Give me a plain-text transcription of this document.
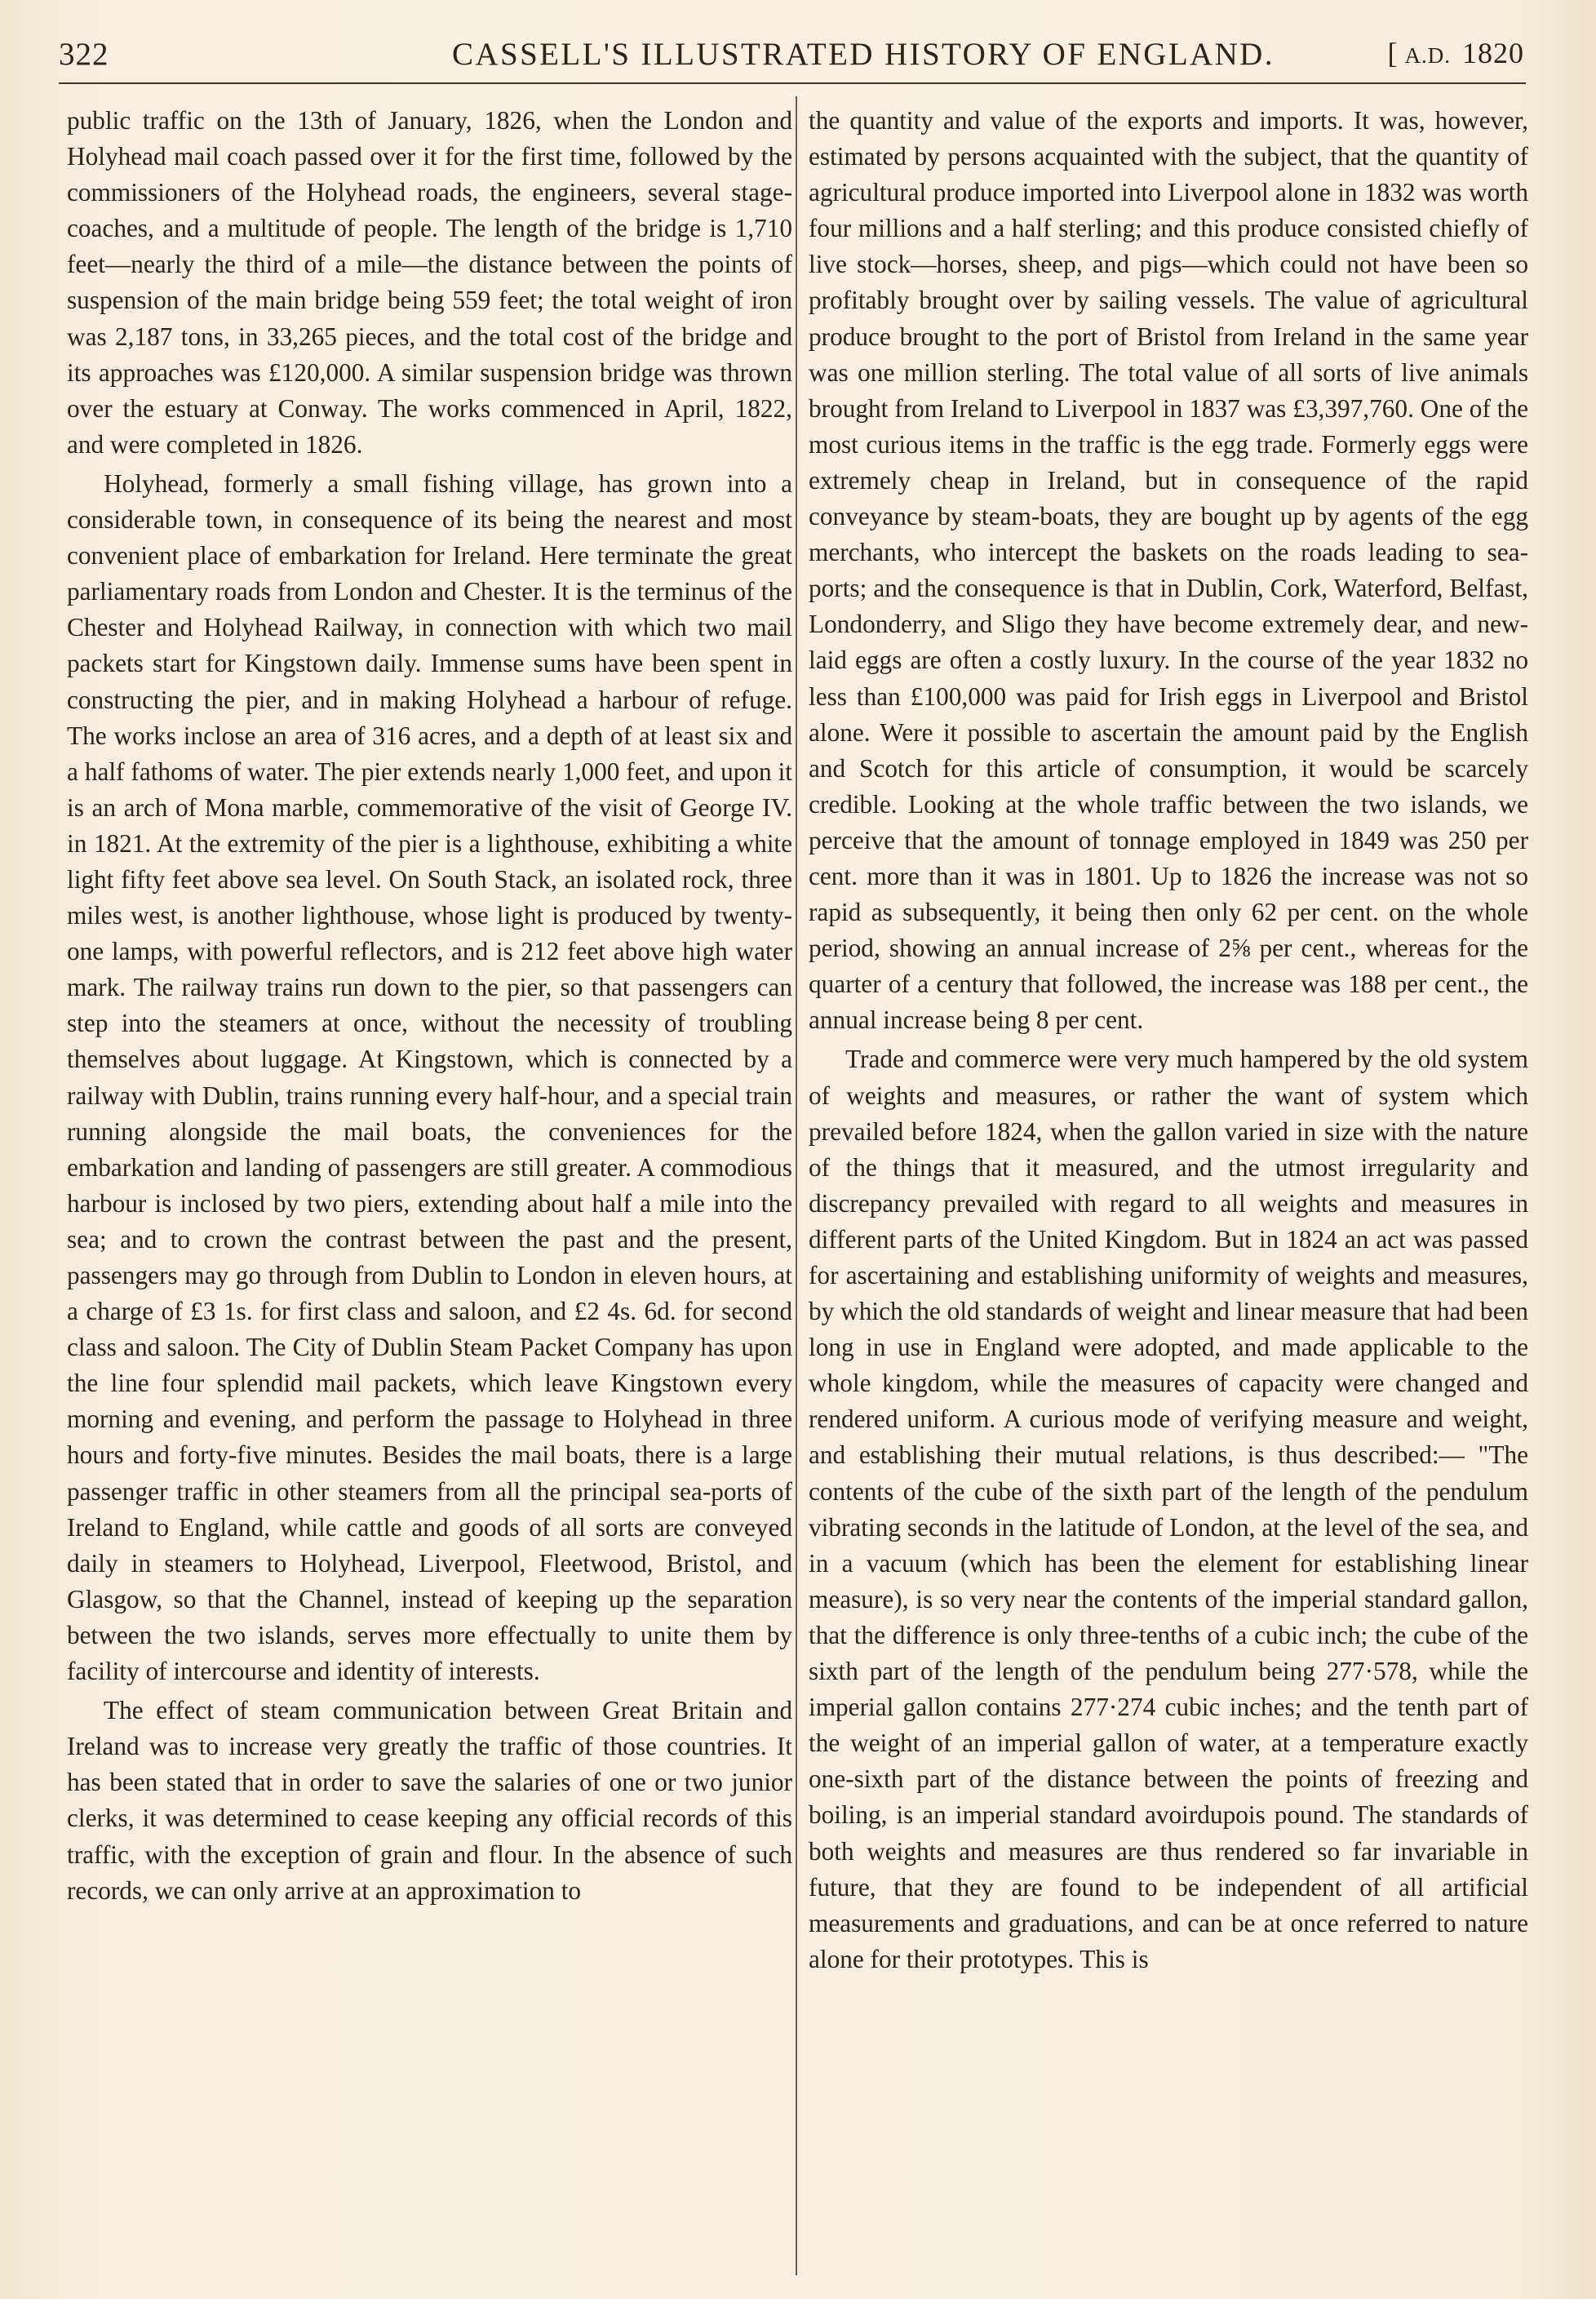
322	CASSELL'S ILLUSTRATED HISTORY OF ENGLAND.	[ A.D. 1820

public traffic on the 13th of January, 1826, when the London and Holyhead mail coach passed over it for the first time, followed by the commissioners of the Holyhead roads, the engineers, several stage-coaches, and a multitude of people. The length of the bridge is 1,710 feet—nearly the third of a mile—the distance between the points of suspension of the main bridge being 559 feet; the total weight of iron was 2,187 tons, in 33,265 pieces, and the total cost of the bridge and its approaches was £120,000. A similar suspension bridge was thrown over the estuary at Conway. The works commenced in April, 1822, and were completed in 1826.

Holyhead, formerly a small fishing village, has grown into a considerable town, in consequence of its being the nearest and most convenient place of embarkation for Ireland. Here terminate the great parliamentary roads from London and Chester. It is the terminus of the Chester and Holyhead Railway, in connection with which two mail packets start for Kingstown daily. Immense sums have been spent in constructing the pier, and in making Holyhead a harbour of refuge. The works inclose an area of 316 acres, and a depth of at least six and a half fathoms of water. The pier extends nearly 1,000 feet, and upon it is an arch of Mona marble, commemorative of the visit of George IV. in 1821. At the extremity of the pier is a lighthouse, exhibiting a white light fifty feet above sea level. On South Stack, an isolated rock, three miles west, is another lighthouse, whose light is produced by twenty-one lamps, with powerful reflectors, and is 212 feet above high water mark. The railway trains run down to the pier, so that passengers can step into the steamers at once, without the necessity of troubling themselves about luggage. At Kingstown, which is connected by a railway with Dublin, trains running every half-hour, and a special train running alongside the mail boats, the conveniences for the embarkation and landing of passengers are still greater. A commodious harbour is inclosed by two piers, extending about half a mile into the sea; and to crown the contrast between the past and the present, passengers may go through from Dublin to London in eleven hours, at a charge of £3 1s. for first class and saloon, and £2 4s. 6d. for second class and saloon. The City of Dublin Steam Packet Company has upon the line four splendid mail packets, which leave Kingstown every morning and evening, and perform the passage to Holyhead in three hours and forty-five minutes. Besides the mail boats, there is a large passenger traffic in other steamers from all the principal sea-ports of Ireland to England, while cattle and goods of all sorts are conveyed daily in steamers to Holyhead, Liverpool, Fleetwood, Bristol, and Glasgow, so that the Channel, instead of keeping up the separation between the two islands, serves more effectually to unite them by facility of intercourse and identity of interests.

The effect of steam communication between Great Britain and Ireland was to increase very greatly the traffic of those countries. It has been stated that in order to save the salaries of one or two junior clerks, it was determined to cease keeping any official records of this traffic, with the exception of grain and flour. In the absence of such records, we can only arrive at an approximation to

the quantity and value of the exports and imports. It was, however, estimated by persons acquainted with the subject, that the quantity of agricultural produce imported into Liverpool alone in 1832 was worth four millions and a half sterling; and this produce consisted chiefly of live stock—horses, sheep, and pigs—which could not have been so profitably brought over by sailing vessels. The value of agricultural produce brought to the port of Bristol from Ireland in the same year was one million sterling. The total value of all sorts of live animals brought from Ireland to Liverpool in 1837 was £3,397,760. One of the most curious items in the traffic is the egg trade. Formerly eggs were extremely cheap in Ireland, but in consequence of the rapid conveyance by steam-boats, they are bought up by agents of the egg merchants, who intercept the baskets on the roads leading to sea-ports; and the consequence is that in Dublin, Cork, Waterford, Belfast, Londonderry, and Sligo they have become extremely dear, and new-laid eggs are often a costly luxury. In the course of the year 1832 no less than £100,000 was paid for Irish eggs in Liverpool and Bristol alone. Were it possible to ascertain the amount paid by the English and Scotch for this article of consumption, it would be scarcely credible. Looking at the whole traffic between the two islands, we perceive that the amount of tonnage employed in 1849 was 250 per cent. more than it was in 1801. Up to 1826 the increase was not so rapid as subsequently, it being then only 62 per cent. on the whole period, showing an annual increase of 2⅝ per cent., whereas for the quarter of a century that followed, the increase was 188 per cent., the annual increase being 8 per cent.

Trade and commerce were very much hampered by the old system of weights and measures, or rather the want of system which prevailed before 1824, when the gallon varied in size with the nature of the things that it measured, and the utmost irregularity and discrepancy prevailed with regard to all weights and measures in different parts of the United Kingdom. But in 1824 an act was passed for ascertaining and establishing uniformity of weights and measures, by which the old standards of weight and linear measure that had been long in use in England were adopted, and made applicable to the whole kingdom, while the measures of capacity were changed and rendered uniform. A curious mode of verifying measure and weight, and establishing their mutual relations, is thus described:— "The contents of the cube of the sixth part of the length of the pendulum vibrating seconds in the latitude of London, at the level of the sea, and in a vacuum (which has been the element for establishing linear measure), is so very near the contents of the imperial standard gallon, that the difference is only three-tenths of a cubic inch; the cube of the sixth part of the length of the pendulum being 277·578, while the imperial gallon contains 277·274 cubic inches; and the tenth part of the weight of an imperial gallon of water, at a temperature exactly one-sixth part of the distance between the points of freezing and boiling, is an imperial standard avoirdupois pound. The standards of both weights and measures are thus rendered so far invariable in future, that they are found to be independent of all artificial measurements and graduations, and can be at once referred to nature alone for their prototypes. This is
